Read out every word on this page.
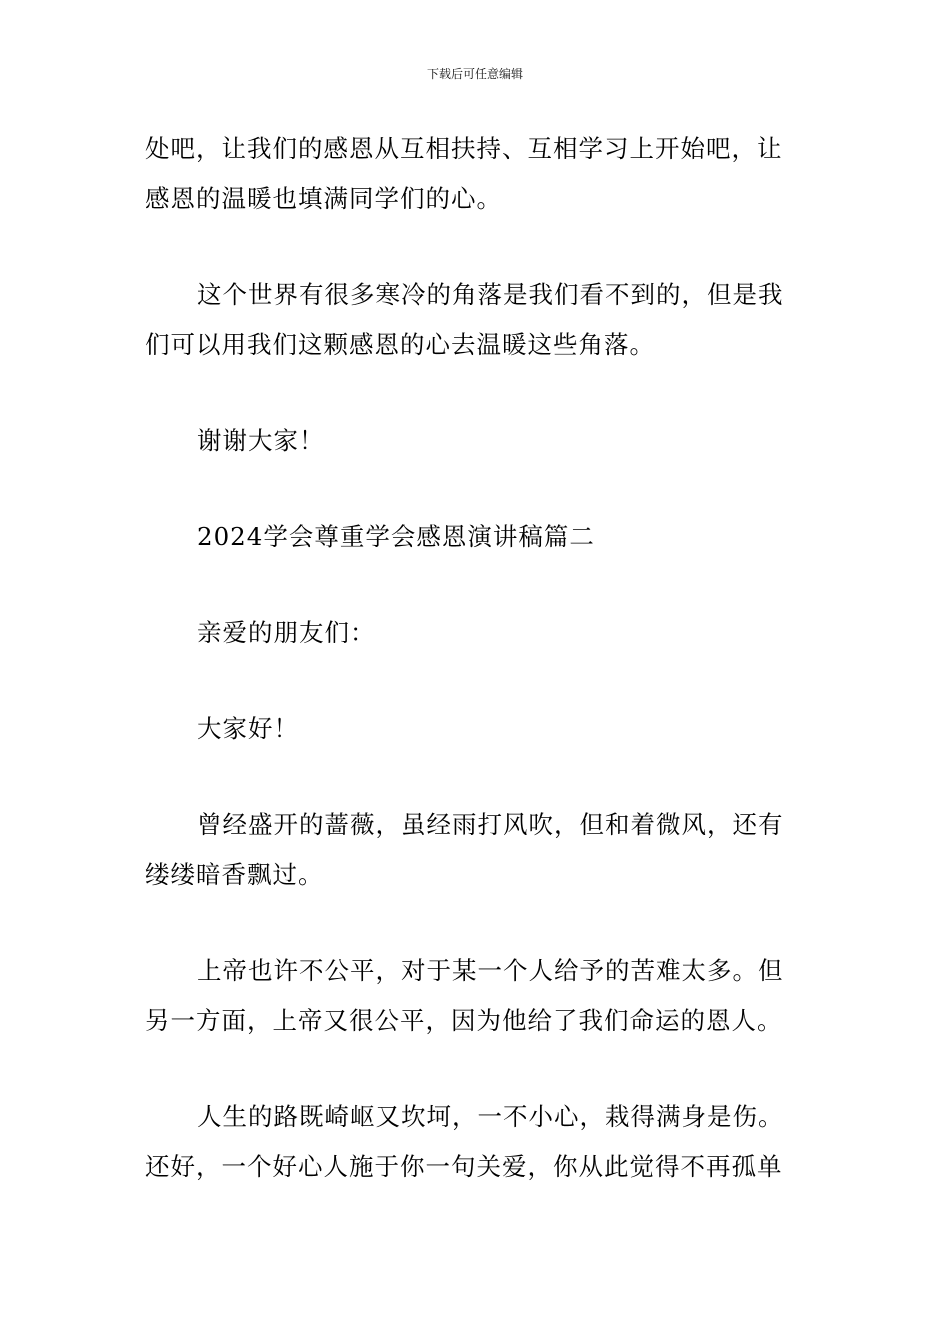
下载后可任意编辑

处吧，让我们的感恩从互相扶持、互相学习上开始吧，让感恩的温暖也填满同学们的心。

这个世界有很多寒冷的角落是我们看不到的，但是我们可以用我们这颗感恩的心去温暖这些角落。

谢谢大家！

2024学会尊重学会感恩演讲稿篇二

亲爱的朋友们：

大家好！

曾经盛开的蔷薇，虽经雨打风吹，但和着微风，还有缕缕暗香飘过。

上帝也许不公平，对于某一个人给予的苦难太多。但另一方面，上帝又很公平，因为他给了我们命运的恩人。

人生的路既崎岖又坎坷，一不小心，栽得满身是伤。还好，一个好心人施于你一句关爱，你从此觉得不再孤单
